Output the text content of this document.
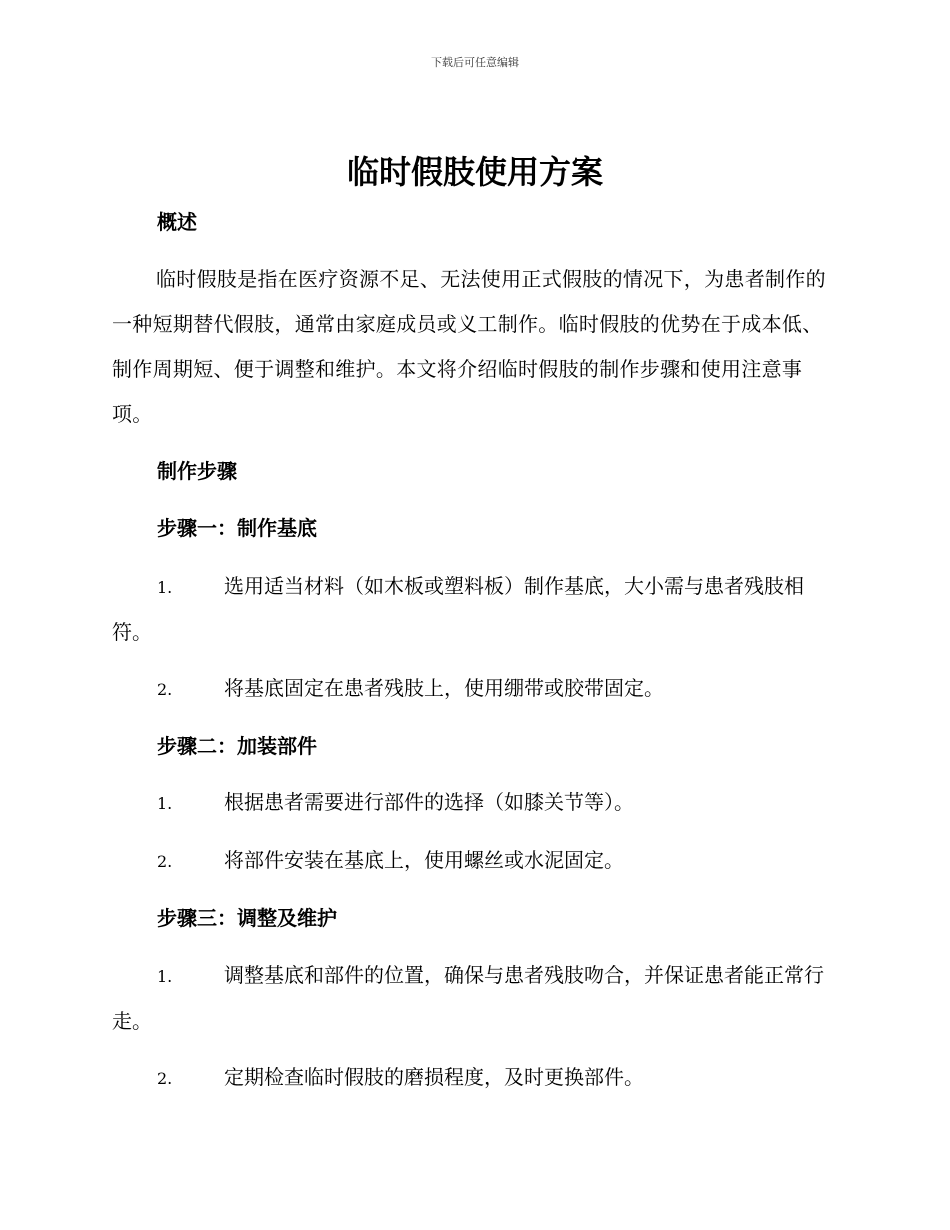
下载后可任意编辑
临时假肢使用方案
概述

临时假肢是指在医疗资源不足、无法使用正式假肢的情况下，为患者制作的一种短期替代假肢，通常由家庭成员或义工制作。临时假肢的优势在于成本低、制作周期短、便于调整和维护。本文将介绍临时假肢的制作步骤和使用注意事项。

制作步骤
步骤一：制作基底
1.	选用适当材料（如木板或塑料板）制作基底，大小需与患者残肢相符。
2.	将基底固定在患者残肢上，使用绷带或胶带固定。
步骤二：加装部件
1.	根据患者需要进行部件的选择（如膝关节等）。
2.	将部件安装在基底上，使用螺丝或水泥固定。
步骤三：调整及维护
1.	调整基底和部件的位置，确保与患者残肢吻合，并保证患者能正常行走。
2.	定期检查临时假肢的磨损程度，及时更换部件。
